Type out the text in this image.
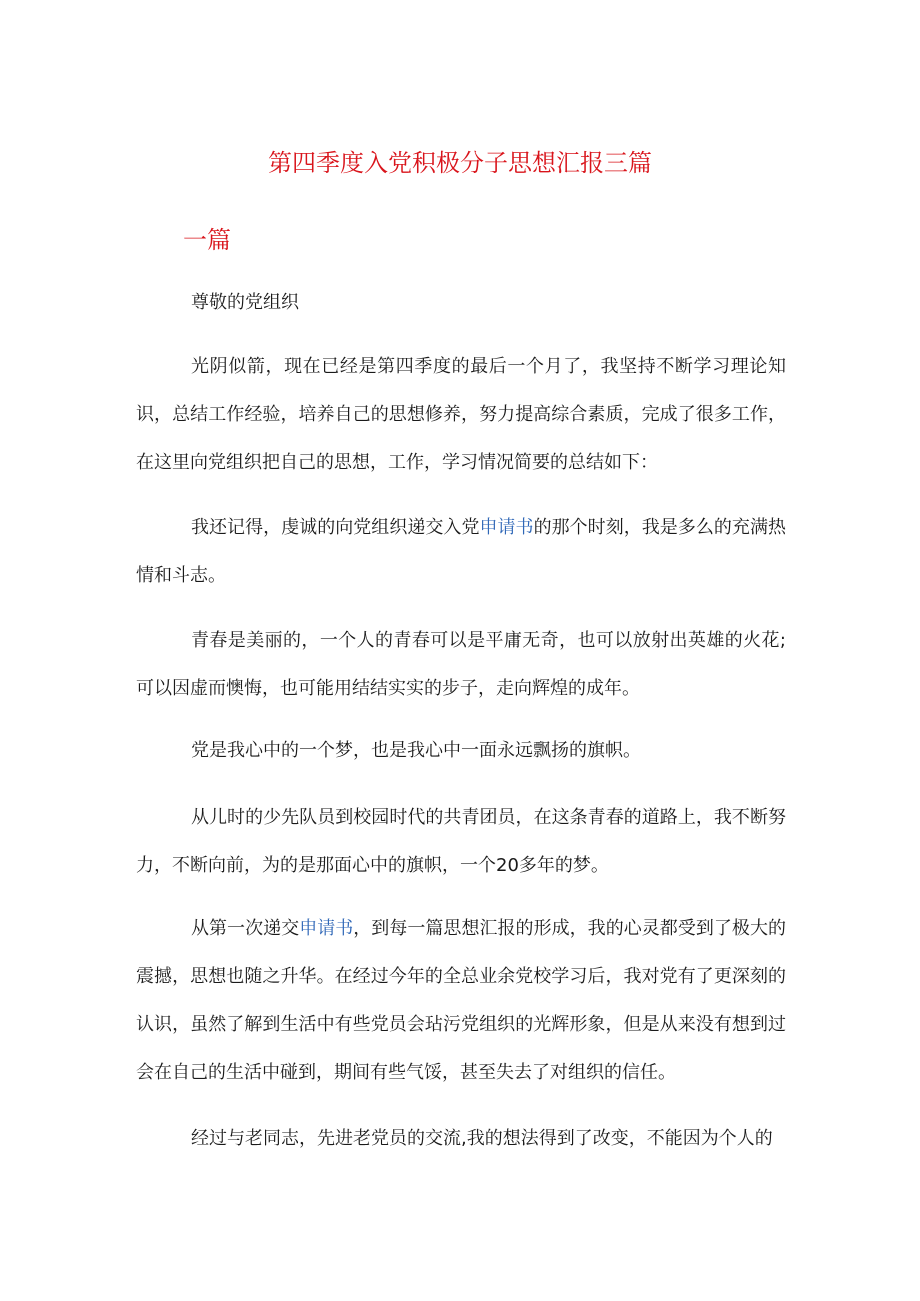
第四季度入党积极分子思想汇报三篇
一篇
尊敬的党组织

光阴似箭，现在已经是第四季度的最后一个月了，我坚持不断学习理论知识，总结工作经验，培养自己的思想修养，努力提高综合素质，完成了很多工作，在这里向党组织把自己的思想，工作，学习情况简要的总结如下：

我还记得，虔诚的向党组织递交入党申请书的那个时刻，我是多么的充满热情和斗志。

青春是美丽的，一个人的青春可以是平庸无奇，也可以放射出英雄的火花;可以因虚而懊悔，也可能用结结实实的步子，走向辉煌的成年。

党是我心中的一个梦，也是我心中一面永远飘扬的旗帜。

从儿时的少先队员到校园时代的共青团员，在这条青春的道路上，我不断努力，不断向前，为的是那面心中的旗帜，一个20多年的梦。

从第一次递交申请书，到每一篇思想汇报的形成，我的心灵都受到了极大的震撼，思想也随之升华。在经过今年的全总业余党校学习后，我对党有了更深刻的认识，虽然了解到生活中有些党员会玷污党组织的光辉形象，但是从来没有想到过会在自己的生活中碰到，期间有些气馁，甚至失去了对组织的信任。

经过与老同志，先进老党员的交流,我的想法得到了改变，不能因为个人的
